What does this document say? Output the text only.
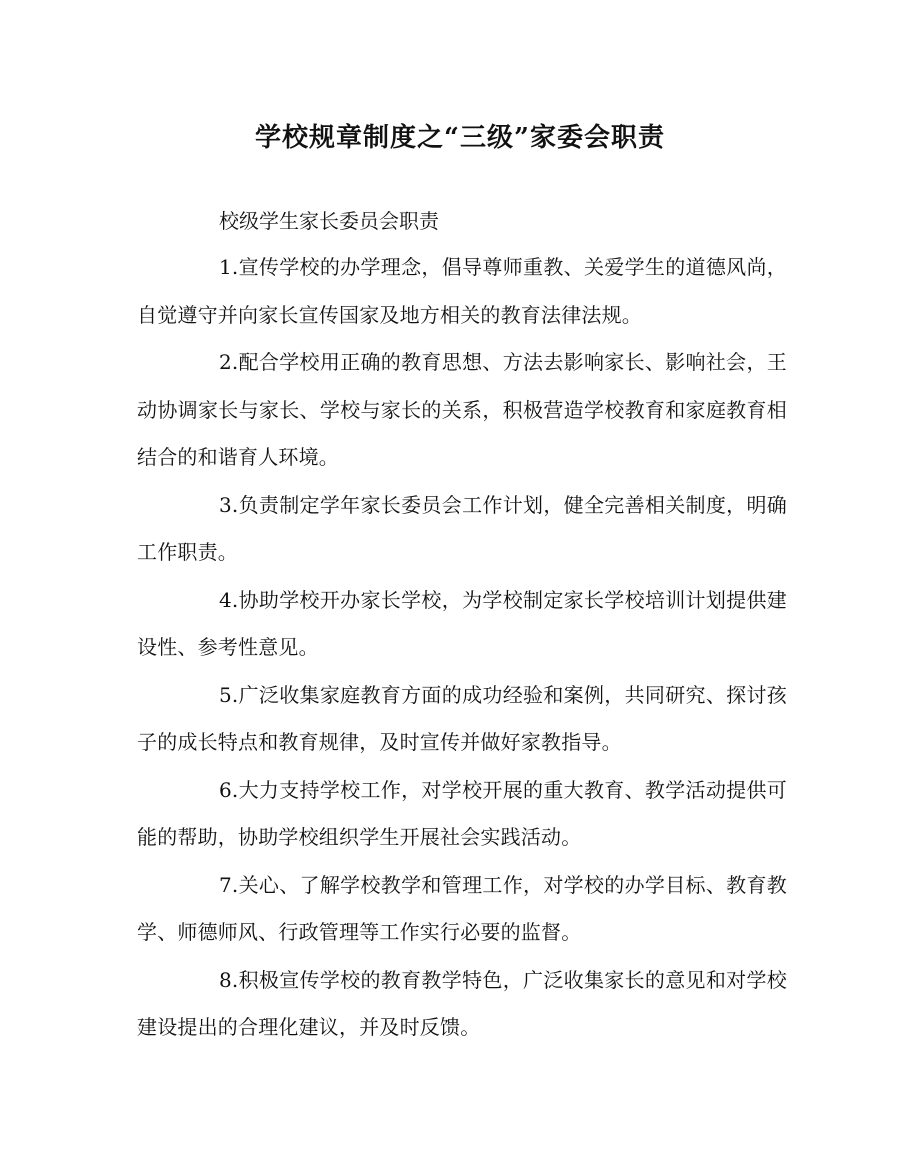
学校规章制度之“三级”家委会职责

校级学生家长委员会职责

1.宣传学校的办学理念，倡导尊师重教、关爱学生的道德风尚，自觉遵守并向家长宣传国家及地方相关的教育法律法规。

2.配合学校用正确的教育思想、方法去影响家长、影响社会，王动协调家长与家长、学校与家长的关系，积极营造学校教育和家庭教育相结合的和谐育人环境。

3.负责制定学年家长委员会工作计划，健全完善相关制度，明确工作职责。

4.协助学校开办家长学校，为学校制定家长学校培训计划提供建设性、参考性意见。

5.广泛收集家庭教育方面的成功经验和案例，共同研究、探讨孩子的成长特点和教育规律，及时宣传并做好家教指导。

6.大力支持学校工作，对学校开展的重大教育、教学活动提供可能的帮助，协助学校组织学生开展社会实践活动。

7.关心、了解学校教学和管理工作，对学校的办学目标、教育教学、师德师风、行政管理等工作实行必要的监督。

8.积极宣传学校的教育教学特色，广泛收集家长的意见和对学校建设提出的合理化建议，并及时反馈。
